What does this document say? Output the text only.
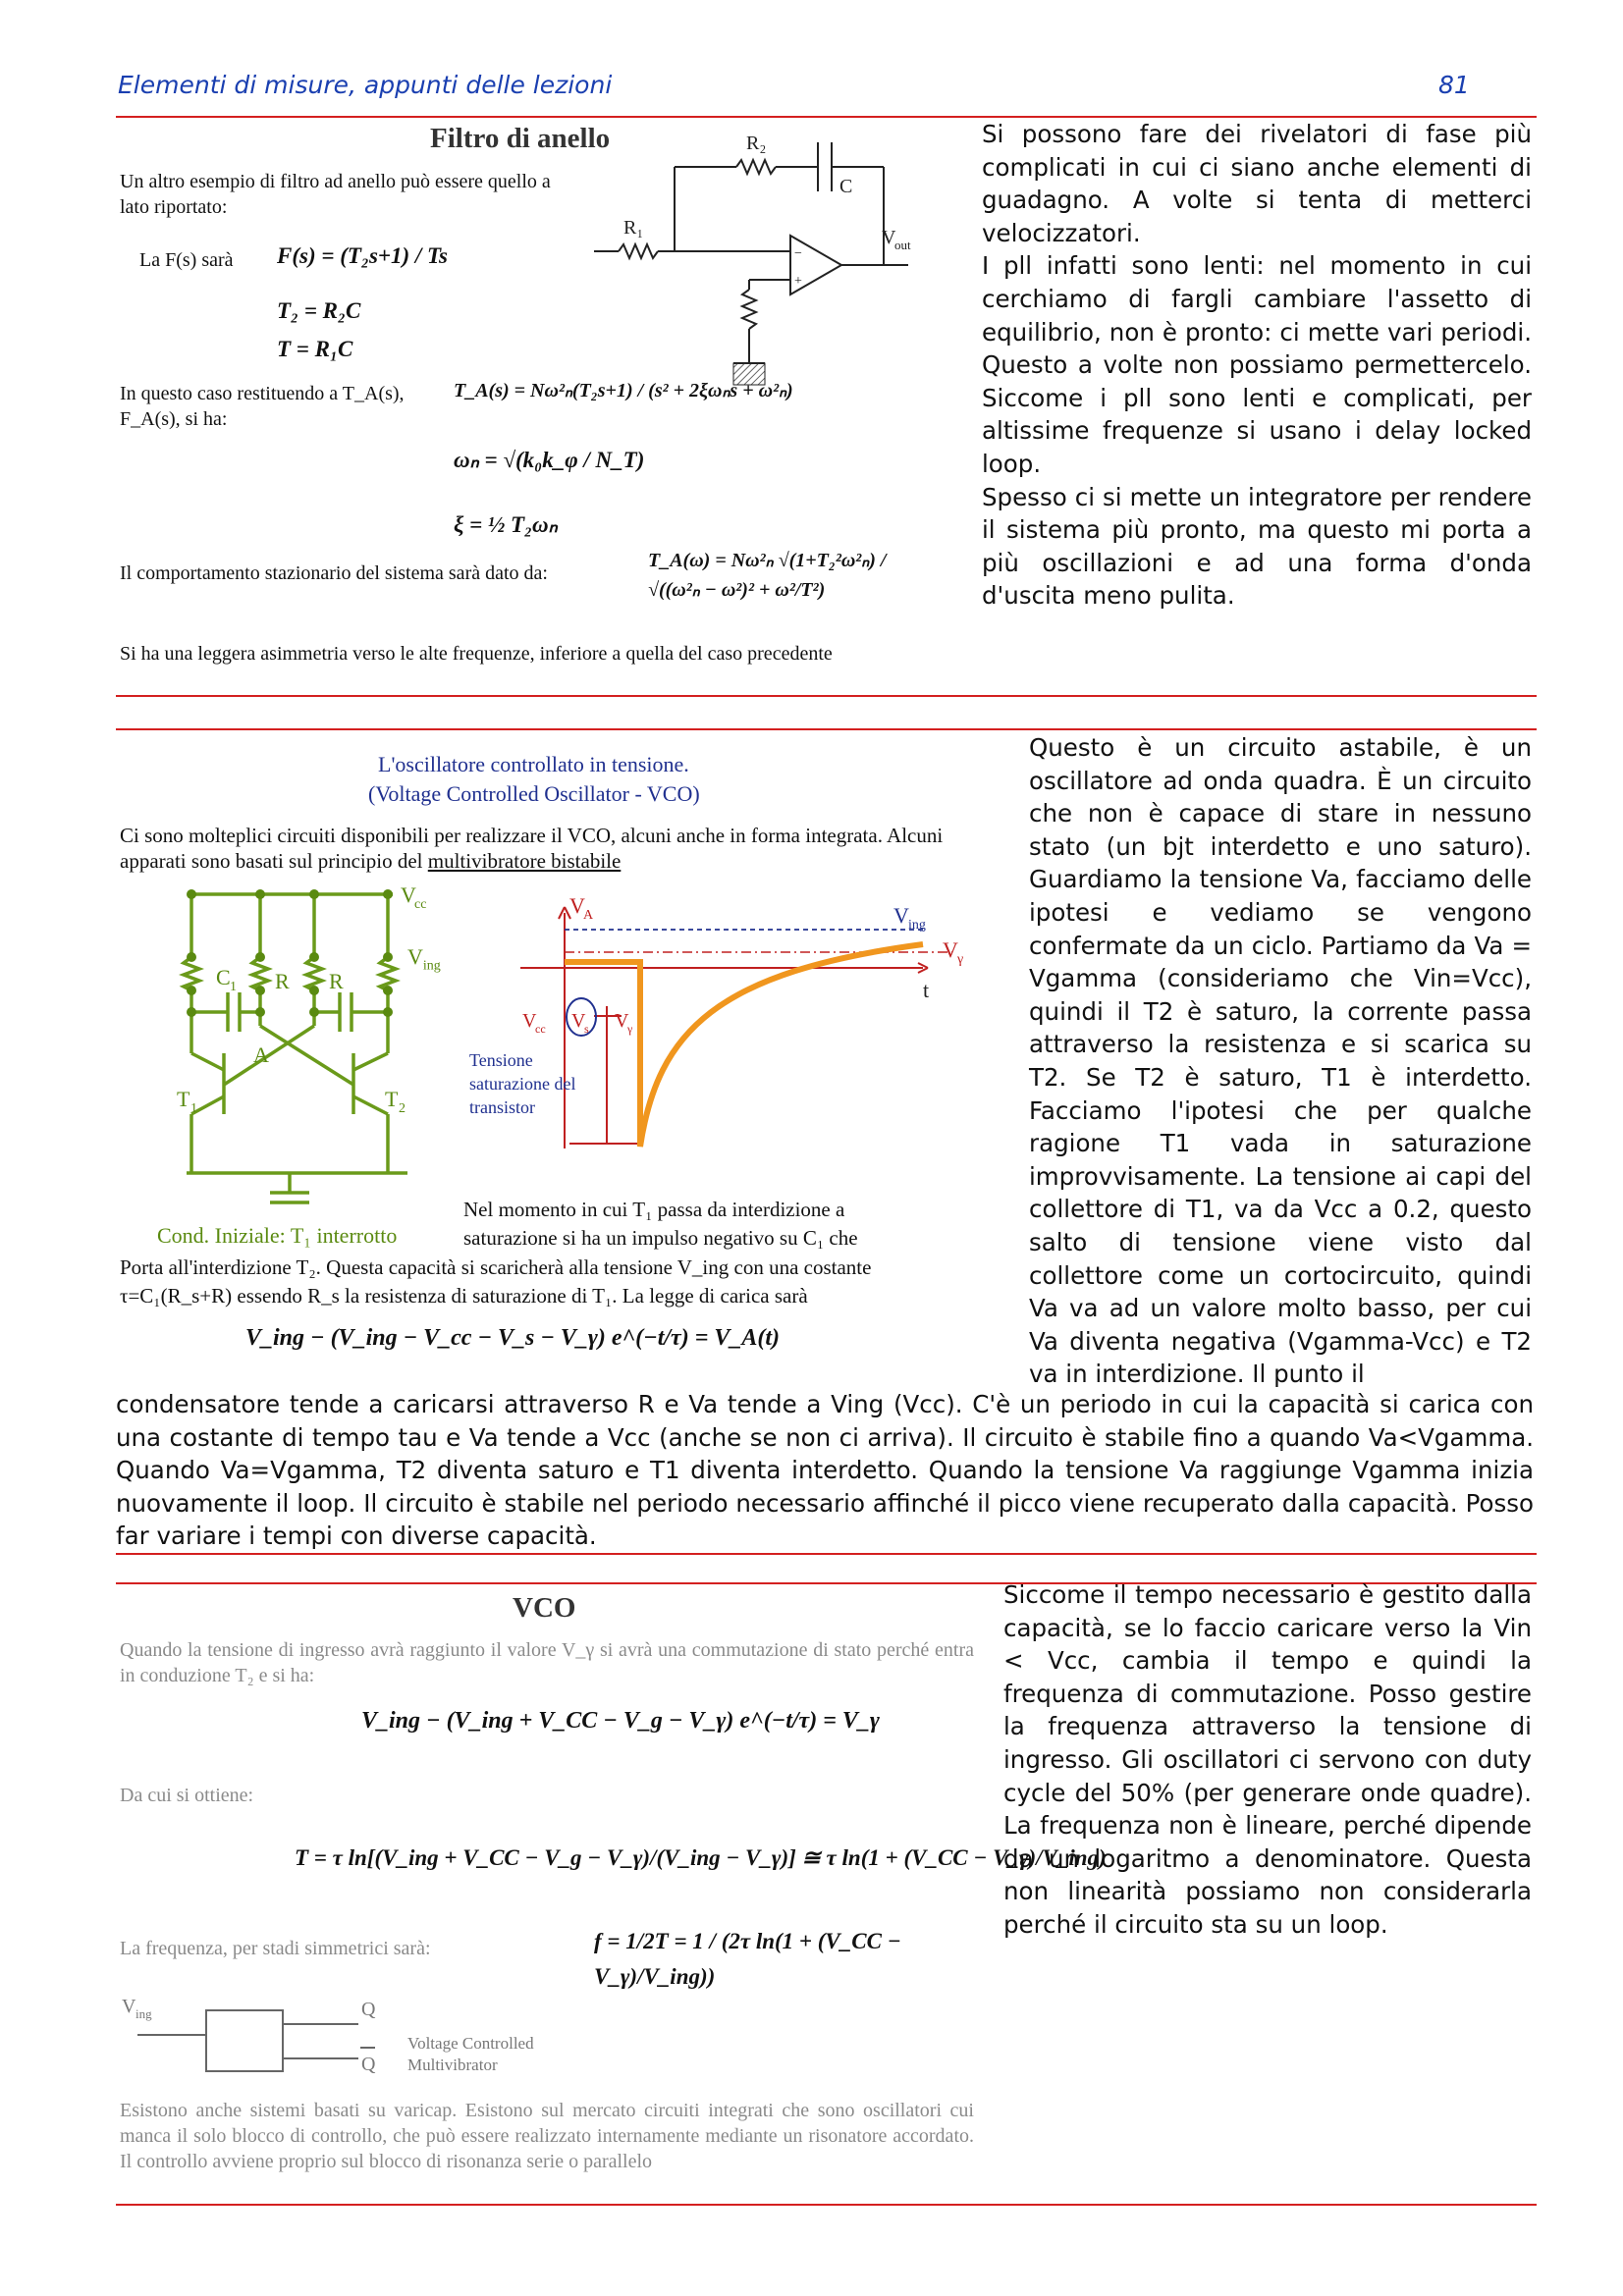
Elementi di misure, appunti delle lezioni	81
Filtro di anello
Un altro esempio di filtro ad anello può essere quello a lato riportato:
R₂
C
R₁	V
out
−
+
La F(s) sarà F(s) = (T₂s+1) / Ts
T₂ = R₂C
T = R₁C
In questo caso restituendo a T_A(s), F_A(s), si ha:
T_A(s) = Nω²ₙ(T₂s+1) / (s² + 2ξωₙs + ω²ₙ)
ωₙ = √(k₀k_φ / N_T)
ξ = ½ T₂ωₙ
Il comportamento stazionario del sistema sarà dato da:
T_A(ω) = Nω²ₙ √(1+T₂²ω²ₙ) / √((ω²ₙ − ω²)² + ω²/T²)
Si ha una leggera asimmetria verso le alte frequenze, inferiore a quella del caso precedente

Si possono fare dei rivelatori di fase più complicati in cui ci siano anche elementi di guadagno. A volte si tenta di metterci velocizzatori.

I pll infatti sono lenti: nel momento in cui cerchiamo di fargli cambiare l'assetto di equilibrio, non è pronto: ci mette vari periodi. Questo a volte non possiamo permettercelo. Siccome i pll sono lenti e complicati, per altissime frequenze si usano i delay locked loop.

Spesso ci si mette un integratore per rendere il sistema più pronto, ma questo mi porta a più oscillazioni e ad una forma d'onda d'uscita meno pulita.

L'oscillatore controllato in tensione.
(Voltage Controlled Oscillator - VCO)
Ci sono molteplici circuiti disponibili per realizzare il VCO, alcuni anche in forma integrata. Alcuni apparati sono basati sul principio del multivibratore bistabile
V
cc
C 1 R R
A
T 1	T 2
$V_{ing}$
V
A	V ing
V γ
t
V
cc V
s V
γ
Tensione saturazione del transistor
Cond. Iniziale: T₁ interrotto
Nel momento in cui T₁ passa da interdizione a saturazione si ha un impulso negativo su C₁ che
Porta all'interdizione T₂. Questa capacità si scaricherà alla tensione V_ing con una costante τ=C₁(R_s+R) essendo R_s la resistenza di saturazione di T₁. La legge di carica sarà
V_ing − (V_ing − V_cc − V_s − V_γ) e^(−t/τ) = V_A(t)
Questo è un circuito astabile, è un oscillatore ad onda quadra. È un circuito che non è capace di stare in nessuno stato (un bjt interdetto e uno saturo). Guardiamo la tensione Va, facciamo delle ipotesi e vediamo se vengono confermate da un ciclo. Partiamo da Va = Vgamma (consideriamo che Vin=Vcc), quindi il T2 è saturo, la corrente passa attraverso la resistenza e si scarica su T2. Se T2 è saturo, T1 è interdetto. Facciamo l'ipotesi che per qualche ragione T1 vada in saturazione improvvisamente. La tensione ai capi del collettore di T1, va da Vcc a 0.2, questo salto di tensione viene visto dal collettore come un cortocircuito, quindi Va va ad un valore molto basso, per cui Va diventa negativa (Vgamma-Vcc) e T2 va in interdizione. Il punto il
condensatore tende a caricarsi attraverso R e Va tende a Ving (Vcc). C'è un periodo in cui la capacità si carica con una costante di tempo tau e Va tende a Vcc (anche se non ci arriva). Il circuito è stabile fino a quando Va<Vgamma. Quando Va=Vgamma, T2 diventa saturo e T1 diventa interdetto. Quando la tensione Va raggiunge Vgamma inizia nuovamente il loop. Il circuito è stabile nel periodo necessario affinché il picco viene recuperato dalla capacità. Posso far variare i tempi con diverse capacità.
VCO
Quando la tensione di ingresso avrà raggiunto il valore V_γ si avrà una commutazione di stato perché entra in conduzione T₂ e si ha:
V_ing − (V_ing + V_CC − V_g − V_γ) e^(−t/τ) = V_γ
Da cui si ottiene:
T = τ ln[(V_ing + V_CC − V_g − V_γ)/(V_ing − V_γ)] ≅ τ ln(1 + (V_CC − V_γ)/V_ing)
La frequenza, per stadi simmetrici sarà:	f = 1/2T = 1 / (2τ ln(1 + (V_CC − V_γ)/V_ing))
V ing	Q
Q
Voltage Controlled
Multivibrator
Esistono anche sistemi basati su varicap. Esistono sul mercato circuiti integrati che sono oscillatori cui manca il solo blocco di controllo, che può essere realizzato internamente mediante un risonatore accordato. Il controllo avviene proprio sul blocco di risonanza serie o parallelo
Siccome il tempo necessario è gestito dalla capacità, se lo faccio caricare verso la Vin < Vcc, cambia il tempo e quindi la frequenza di commutazione. Posso gestire la frequenza attraverso la tensione di ingresso. Gli oscillatori ci servono con duty cycle del 50% (per generare onde quadre). La frequenza non è lineare, perché dipende da un logaritmo a denominatore. Questa non linearità possiamo non considerarla perché il circuito sta su un loop.
